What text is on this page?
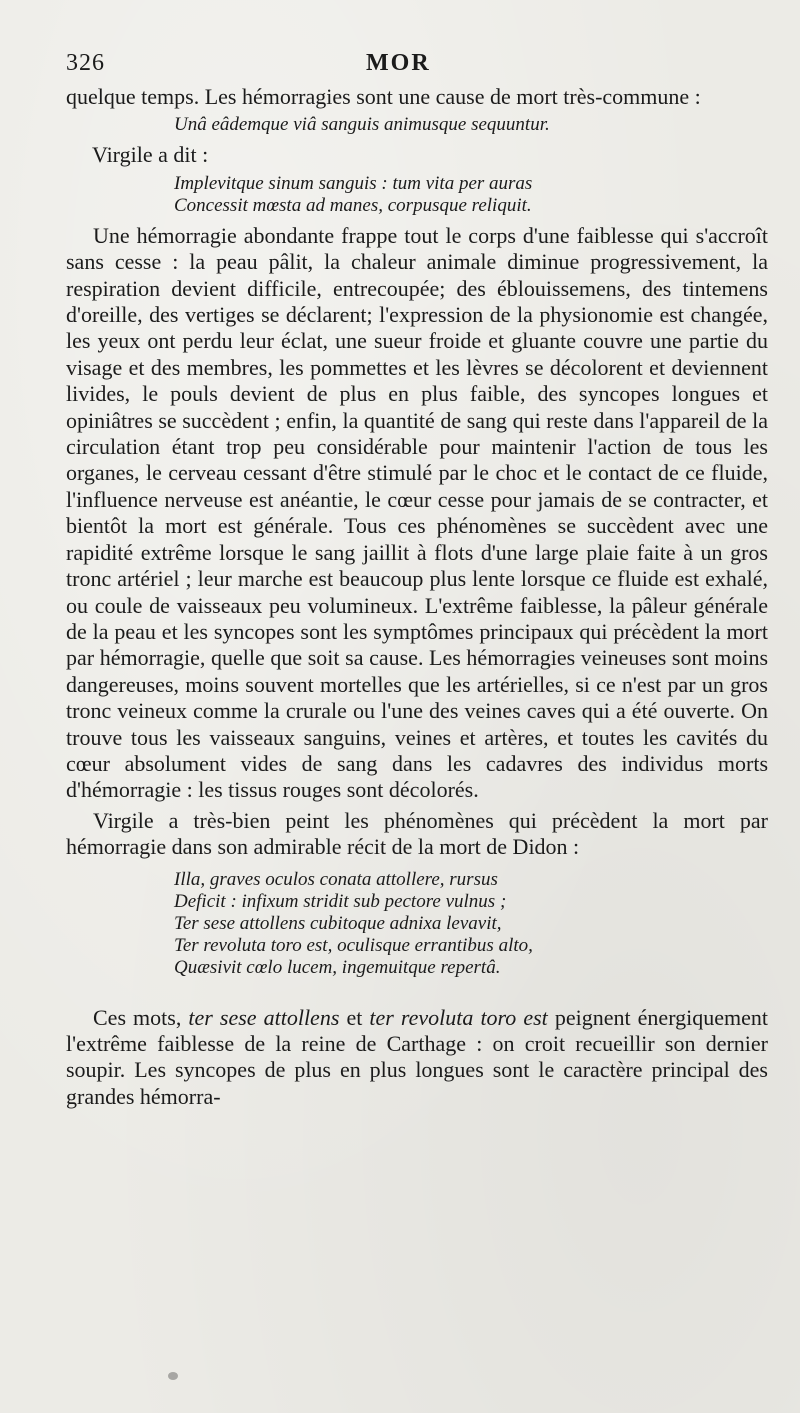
326	MOR

quelque temps. Les hémorragies sont une cause de mort très-commune :

Unâ eâdemque viâ sanguis animusque sequuntur.

Virgile a dit :

Implevitque sinum sanguis : tum vita per auras
Concessit mœsta ad manes, corpusque reliquit.

Une hémorragie abondante frappe tout le corps d'une faiblesse qui s'accroît sans cesse : la peau pâlit, la chaleur animale diminue progressivement, la respiration devient difficile, entrecoupée; des éblouissemens, des tintemens d'oreille, des vertiges se déclarent; l'expression de la physionomie est changée, les yeux ont perdu leur éclat, une sueur froide et gluante couvre une partie du visage et des membres, les pommettes et les lèvres se décolorent et deviennent livides, le pouls devient de plus en plus faible, des syncopes longues et opiniâtres se succèdent ; enfin, la quantité de sang qui reste dans l'appareil de la circulation étant trop peu considérable pour maintenir l'action de tous les organes, le cerveau cessant d'être stimulé par le choc et le contact de ce fluide, l'influence nerveuse est anéantie, le cœur cesse pour jamais de se contracter, et bientôt la mort est générale. Tous ces phénomènes se succèdent avec une rapidité extrême lorsque le sang jaillit à flots d'une large plaie faite à un gros tronc artériel ; leur marche est beaucoup plus lente lorsque ce fluide est exhalé, ou coule de vaisseaux peu volumineux. L'extrême faiblesse, la pâleur générale de la peau et les syncopes sont les symptômes principaux qui précèdent la mort par hémorragie, quelle que soit sa cause. Les hémorragies veineuses sont moins dangereuses, moins souvent mortelles que les artérielles, si ce n'est par un gros tronc veineux comme la crurale ou l'une des veines caves qui a été ouverte. On trouve tous les vaisseaux sanguins, veines et artères, et toutes les cavités du cœur absolument vides de sang dans les cadavres des individus morts d'hémorragie : les tissus rouges sont décolorés.

Virgile a très-bien peint les phénomènes qui précèdent la mort par hémorragie dans son admirable récit de la mort de Didon :

Illa, graves oculos conata attollere, rursus
Deficit : infixum stridit sub pectore vulnus ;
Ter sese attollens cubitoque adnixa levavit,
Ter revoluta toro est, oculisque errantibus alto,
Quæsivit cœlo lucem, ingemuitque repertâ.

Ces mots, ter sese attollens et ter revoluta toro est peignent énergiquement l'extrême faiblesse de la reine de Carthage : on croit recueillir son dernier soupir. Les syncopes de plus en plus longues sont le caractère principal des grandes hémorra-
